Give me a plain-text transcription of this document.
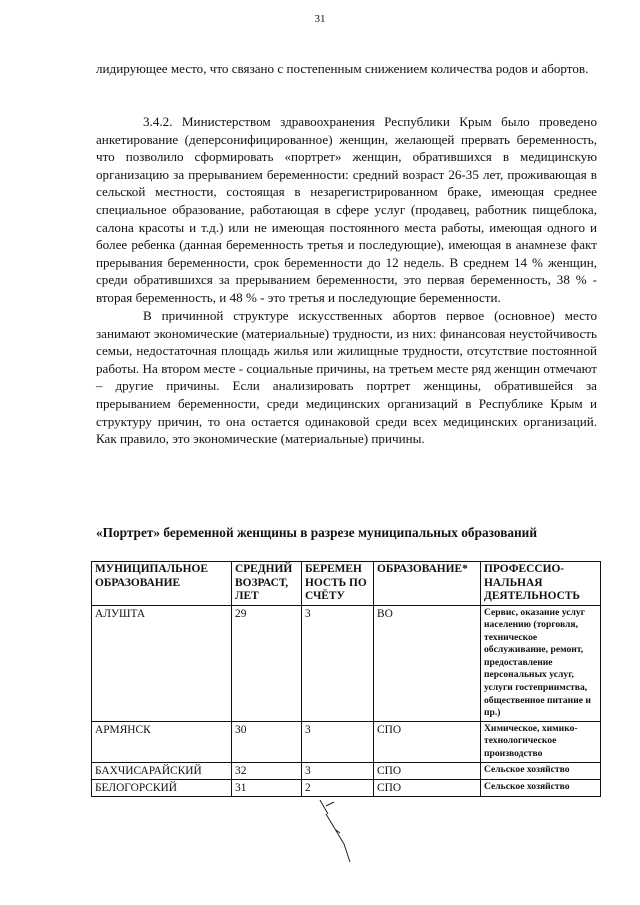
31
лидирующее место, что связано с постепенным снижением количества родов и абортов.
3.4.2. Министерством здравоохранения Республики Крым было проведено анкетирование (деперсонифицированное) женщин, желающей прервать беременность, что позволило сформировать «портрет» женщин, обратившихся в медицинскую организацию за прерыванием беременности: средний возраст 26-35 лет, проживающая в сельской местности, состоящая в незарегистрированном браке, имеющая среднее специальное образование, работающая в сфере услуг (продавец, работник пищеблока, салона красоты и т.д.) или не имеющая постоянного места работы, имеющая одного и более ребенка (данная беременность третья и последующие), имеющая в анамнезе факт прерывания беременности, срок беременности до 12 недель. В среднем 14 % женщин, среди обратившихся за прерыванием беременности, это первая беременность, 38 % - вторая беременность, и 48 % - это третья и последующие беременности.
В причинной структуре искусственных абортов первое (основное) место занимают экономические (материальные) трудности, из них: финансовая неустойчивость семьи, недостаточная площадь жилья или жилищные трудности, отсутствие постоянной работы. На втором месте - социальные причины, на третьем месте ряд женщин отмечают – другие причины. Если анализировать портрет женщины, обратившейся за прерыванием беременности, среди медицинских организаций в Республике Крым и структуру причин, то она остается одинаковой среди всех медицинских организаций. Как правило, это экономические (материальные) причины.
«Портрет» беременной женщины в разрезе муниципальных образований
МУНИЦИПАЛЬНОЕ ОБРАЗОВАНИЕ	СРЕДНИЙ ВОЗРАСТ, ЛЕТ	БЕРЕМЕН НОСТЬ ПО СЧЁТУ	ОБРАЗОВАНИЕ*	ПРОФЕССИО-НАЛЬНАЯ ДЕЯТЕЛЬНОСТЬ
АЛУШТА	29	3	ВО	Сервис, оказание услуг населению (торговля, техническое обслуживание, ремонт, предоставление персональных услуг, услуги гостеприимства, общественное питание и пр.)
АРМЯНСК	30	3	СПО	Химическое, химико-технологическое производство
БАХЧИСАРАЙСКИЙ	32	3	СПО	Сельское хозяйство
БЕЛОГОРСКИЙ	31	2	СПО	Сельское хозяйство
